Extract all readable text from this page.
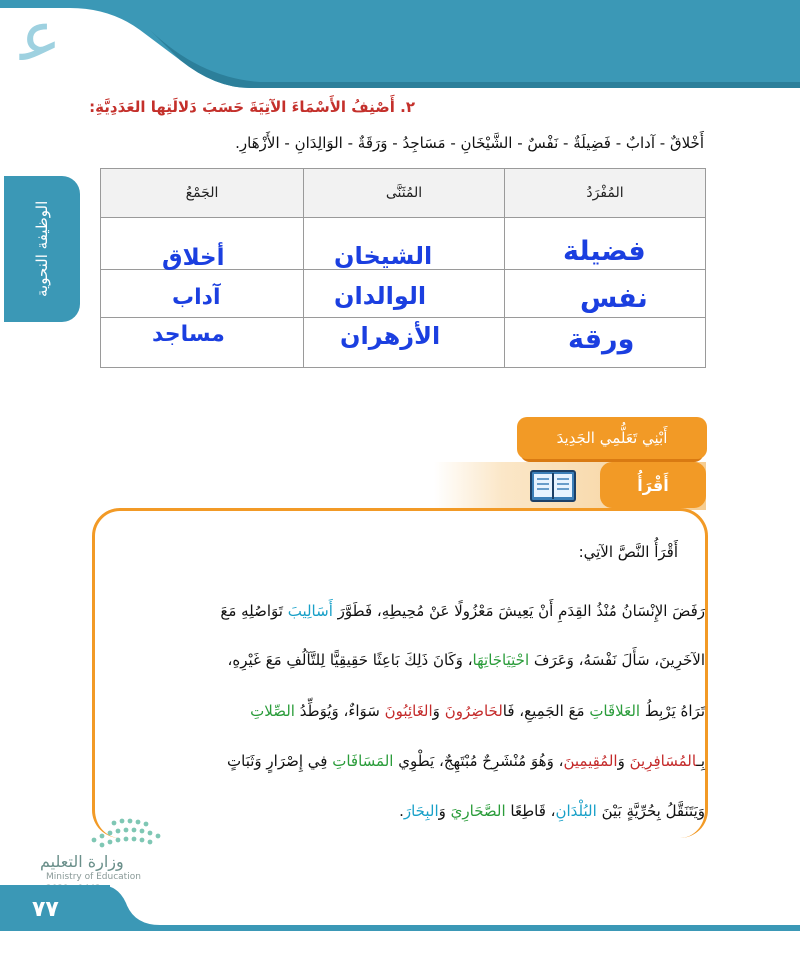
ﻋ
الوظيفة النحوية
٢. أَصْنِفُ الأَسْمَاءَ الآتِيَةَ حَسَبَ دَلالَتِها العَدَدِيَّةِ:
أَخْلاقٌ - آدابٌ - فَضِيلَةٌ - نَفْسٌ - الشَّيْخَانِ - مَسَاجِدُ - وَرَقَةٌ - الوَالِدَانِ - الأَزْهَارِ.
المُفْرَدُ
المُثَنَّى
الجَمْعُ
فضيلة
نفس
ورقة
الشيخان
الوالدان
الأزهران
أخلاق
آداب
مساجد
أَبْنِي تَعَلُّمِي الجَدِيدَ
أَقْرَأُ
أَقْرَأُ النَّصَّ الآتِي:
رَفَضَ الإِنْسَانُ مُنْذُ القِدَمِ أَنْ يَعِيشَ مَعْزُولًا عَنْ مُحِيطِهِ، فَطَوَّرَ أَسَالِيبَ تَوَاصُلِهِ مَعَ
الآخَرِينَ، سَأَلَ نَفْسَهُ، وَعَرَفَ احْتِيَاجَاتِهَا، وَكَانَ ذَلِكَ بَاعِثًا حَقِيقِيًّا لِلتَّآلُفِ مَعَ غَيْرِهِ،
تَرَاهُ يَرْبِطُ العَلاقَاتِ مَعَ الجَمِيعِ، فَالحَاضِرُونَ وَالغَائِبُونَ سَوَاءٌ، وَيُوَطِّدُ الصِّلاتِ
بِـالمُسَافِرِينَ وَالمُقِيمِينَ، وَهُوَ مُنْشَرِحٌ مُبْتَهِجٌ، يَطْوِي المَسَافَاتِ فِي إِصْرَارٍ وَثَبَاتٍ
وَيَتَنَقَّلُ بِحُرِّيَّةٍ بَيْنَ البُلْدَانِ، قَاطِعًا الصَّحَارِيَ وَالبِحَارَ.
وزارة التعليم
Ministry of Education
٧٧
